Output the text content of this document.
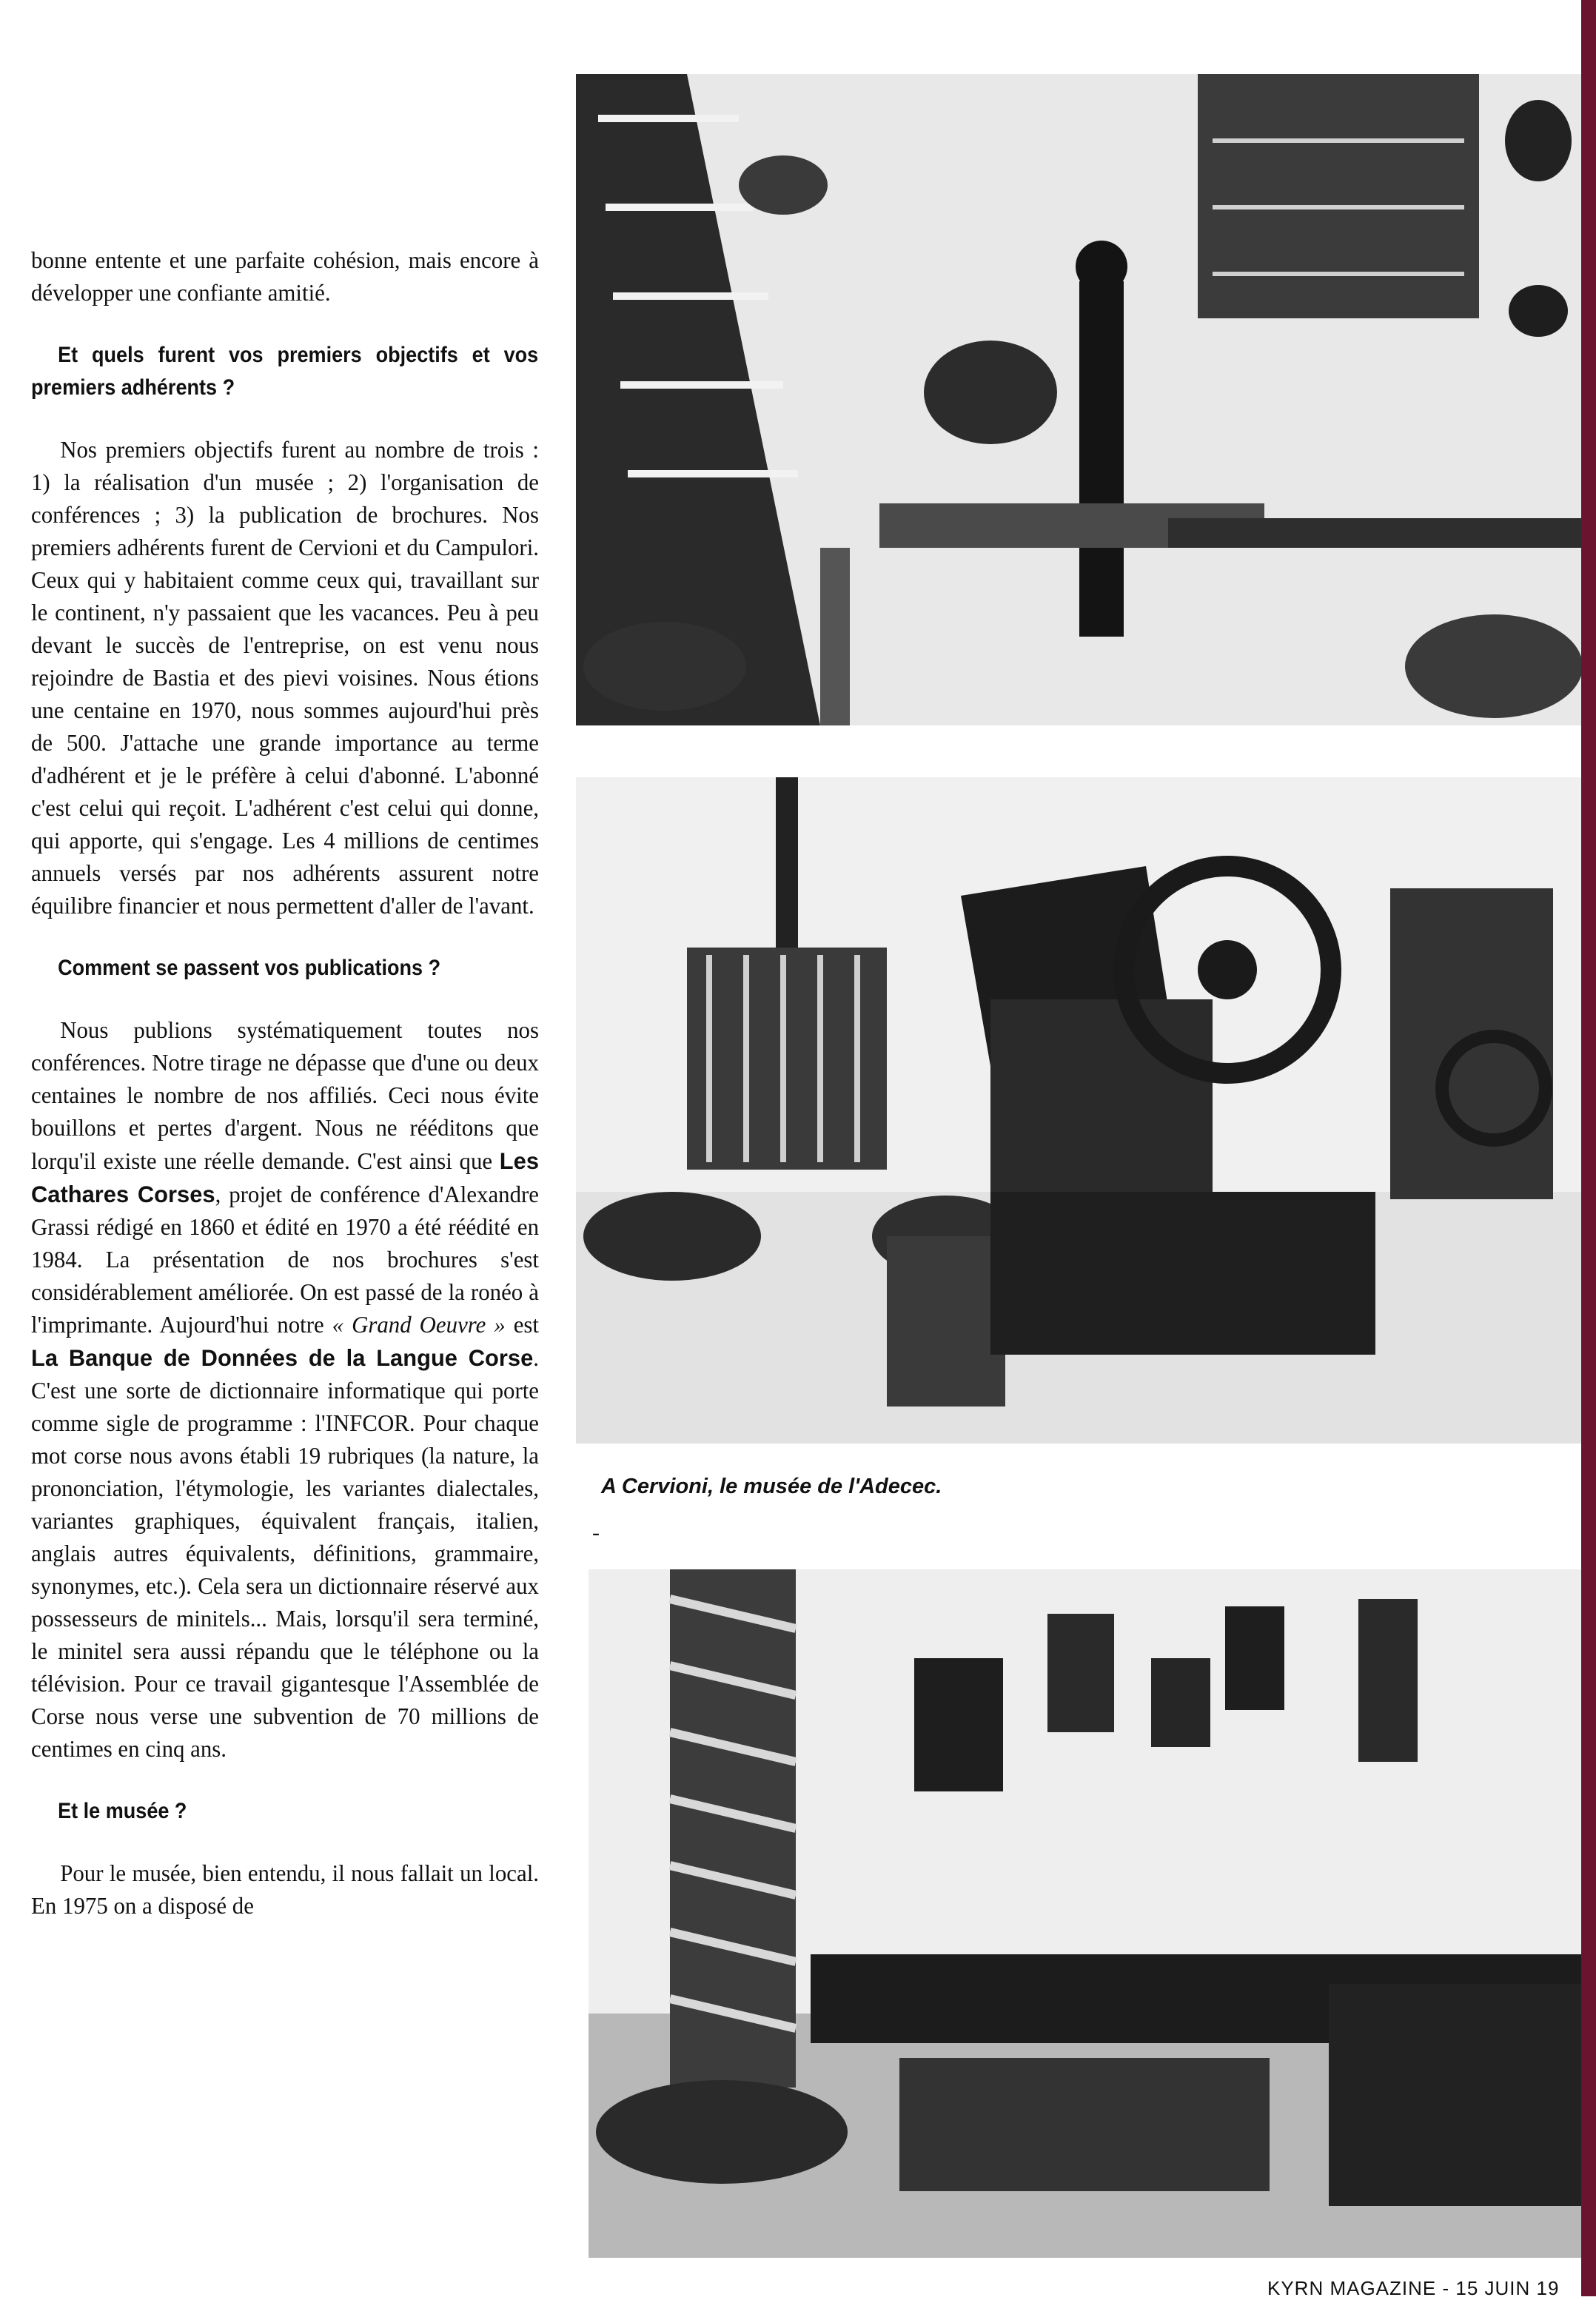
bonne entente et une parfaite cohésion, mais encore à développer une confiante amitié.

Et quels furent vos premiers objectifs et vos premiers adhérents ?

Nos premiers objectifs furent au nombre de trois : 1) la réalisation d'un musée ; 2) l'organisation de conférences ; 3) la publication de brochures. Nos premiers adhérents furent de Cervioni et du Campulori. Ceux qui y habitaient comme ceux qui, travaillant sur le continent, n'y passaient que les vacances. Peu à peu devant le succès de l'entreprise, on est venu nous rejoindre de Bastia et des pievi voisines. Nous étions une centaine en 1970, nous sommes aujourd'hui près de 500. J'attache une grande importance au terme d'adhérent et je le préfère à celui d'abonné. L'abonné c'est celui qui reçoit. L'adhérent c'est celui qui donne, qui apporte, qui s'engage. Les 4 millions de centimes annuels versés par nos adhérents assurent notre équilibre financier et nous permettent d'aller de l'avant.

Comment se passent vos publications ?

Nous publions systématiquement toutes nos conférences. Notre tirage ne dépasse que d'une ou deux centaines le nombre de nos affiliés. Ceci nous évite bouillons et pertes d'argent. Nous ne rééditons que lorqu'il existe une réelle demande. C'est ainsi que Les Cathares Corses, projet de conférence d'Alexandre Grassi rédigé en 1860 et édité en 1970 a été réédité en 1984. La présentation de nos brochures s'est considérablement améliorée. On est passé de la ronéo à l'imprimante. Aujourd'hui notre « Grand Oeuvre » est La Banque de Données de la Langue Corse. C'est une sorte de dictionnaire informatique qui porte comme sigle de programme : l'INFCOR. Pour chaque mot corse nous avons établi 19 rubriques (la nature, la prononciation, l'étymologie, les variantes dialectales, variantes graphiques, équivalent français, italien, anglais autres équivalents, définitions, grammaire, synonymes, etc.). Cela sera un dictionnaire réservé aux possesseurs de minitels... Mais, lorsqu'il sera terminé, le minitel sera aussi répandu que le téléphone ou la télévision. Pour ce travail gigantesque l'Assemblée de Corse nous verse une subvention de 70 millions de centimes en cinq ans.

Et le musée ?

Pour le musée, bien entendu, il nous fallait un local. En 1975 on a disposé de

A Cervioni, le musée de l'Adecec.
-
KYRN MAGAZINE - 15 JUIN 19
